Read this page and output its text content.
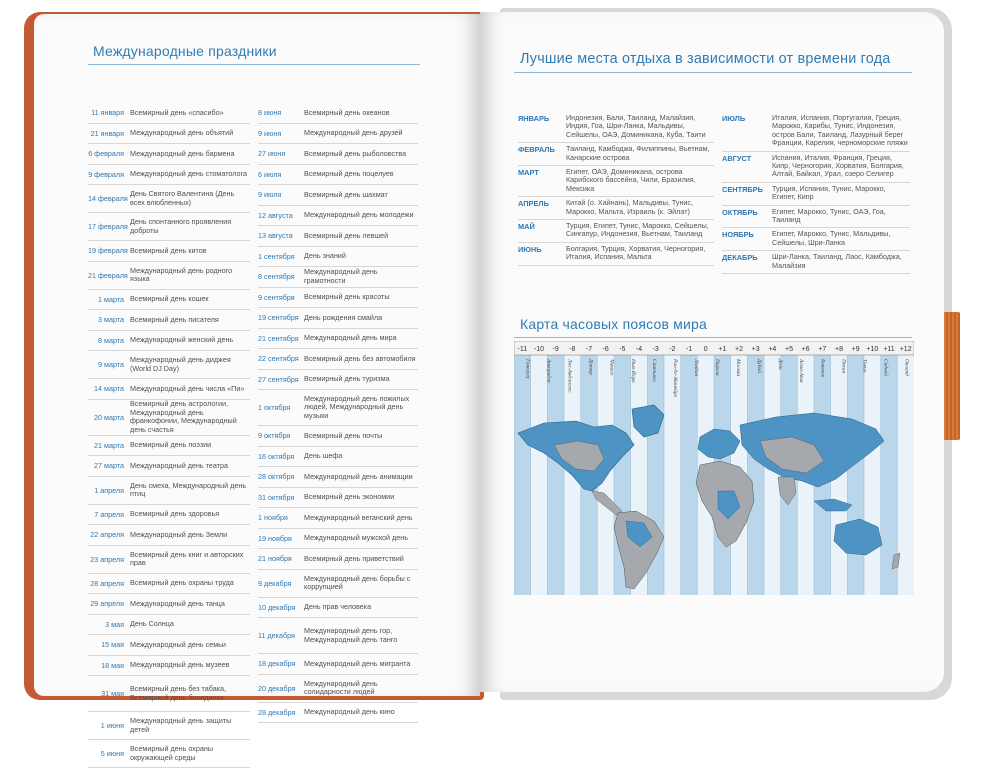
Международные праздники
11 января Всемирный день «спасибо»
21 января Международный день объятий
6 февраля Международный день бармена
9 февраля Международный день стоматолога
14 февраля
День Святого Валентина (День всех влюбленных)
17 февраля
День спонтанного проявления доброты
19 февраля Всемирный день китов
21 февраля
Международный день родного языка
1 марта Всемирный день кошек
3 марта Всемирный день писателя
8 марта Международный женский день
9 марта
Международный день диджея (World DJ Day)
14 марта Международный день числа «Пи»
20 марта
Всемирный день астрологии, Международный день франкофонии, Международный день счастья
21 марта Всемирный день поэзии
27 марта Международный день театра
1 апреля
День смеха, Международный день птиц
7 апреля Всемирный день здоровья
22 апреля Международный день Земли
23 апреля
Всемирный день книг и авторских прав
28 апреля Всемирный день охраны труда
29 апреля Международный день танца
3 мая День Солнца
15 мая Международный день семьи
18 мая Международный день музеев
31 мая
Всемирный день без табака, Всемирный день блондинок
1 июня
Международный день защиты детей
5 июня
Всемирный день охраны окружающей среды
8 июня	Всемирный день океанов
9 июня	Международный день друзей
27 июня	Всемирный день рыболовства
6 июля	Всемирный день поцелуев
9 июля	Всемирный день шахмат
12 августа	Международный день молодежи
13 августа	Всемирный день левшей
1 сентября	День знаний
8 сентября
Международный день грамотности
9 сентября	Всемирный день красоты
19 сентября День рождения смайла
21 сентября Международный день мира
22 сентября Всемирный день без автомобиля
27 сентября Всемирный день туризма
1 октября
Международный день пожилых людей, Международный день музыки
9 октября	Всемирный день почты
16 октября	День шефа
28 октября	Международный день анимации
31 октября	Всемирный день экономии
1 ноября	Международный веганский день
19 ноября	Международный мужской день
21 ноября	Всемирный день приветствий
9 декабря
Международный день борьбы с коррупцией
10 декабря	День прав человека
11 декабря
Международный день гор, Международный день танго
18 декабря	Международный день мигранта
20 декабря
Международный день солидарности людей
28 декабря	Международный день кино
Лучшие места отдыха в зависимости от времени года
ЯНВАРЬ	Индонезия, Бали, Таиланд, Малайзия, Индия, Гоа, Шри-Ланка, Мальдивы, Сейшелы, ОАЭ, Доминикана, Куба, Таити
ФЕВРАЛЬ	Таиланд, Камбоджа, Филиппины, Вьетнам, Канарские острова
МАРТ	Египет, ОАЭ, Доминикана, острова Карибского бассейна, Чили, Бразилия, Мексика
АПРЕЛЬ	Китай (о. Хайнань), Мальдивы, Тунис, Марокко, Мальта, Израиль (к. Эйлат)
МАЙ	Турция, Египет, Тунис, Марокко, Сейшелы, Сингапур, Индонезия, Вьетнам, Таиланд
ИЮНЬ	Болгария, Турция, Хорватия, Черногория, Италия, Испания, Мальта
ИЮЛЬ	Италия, Испания, Португалия, Греция, Марокко, Карибы, Тунис, Индонезия, остров Бали, Таиланд, Лазурный берег Франции, Карелия, черноморские пляжи
АВГУСТ	Испания, Италия, Франция, Греция, Кипр, Черногория, Хорватия, Болгария, Алтай, Байкал, Урал, озеро Селигер
СЕНТЯБРЬ	Турция, Испания, Тунис, Марокко, Египет, Кипр
ОКТЯБРЬ	Египет, Марокко, Тунис, ОАЭ, Гоа, Таиланд
НОЯБРЬ	Египет, Марокко, Тунис, Мальдивы, Сейшелы, Шри-Ланка
ДЕКАБРЬ	Шри-Ланка, Таиланд, Лаос, Камбоджа, Малайзия
Карта часовых поясов мира
-11 -10 -9 -8 -7 -6 -5 -4 -3 -2 -1 0 +1 +2 +3 +4 +5 +6 +7 +8 +9 +10 +11 +12
Гонолулу	Анкоридж	Лос-Анджелес	Денвер	Чикаго	Нью-Йорк	Сантьяго	Рио-де-Жанейро	Лондон	Париж	Москва	Дубай	Дели	Алма-Ата	Бангкок	Пекин	Токио	Сидней	Окленд
